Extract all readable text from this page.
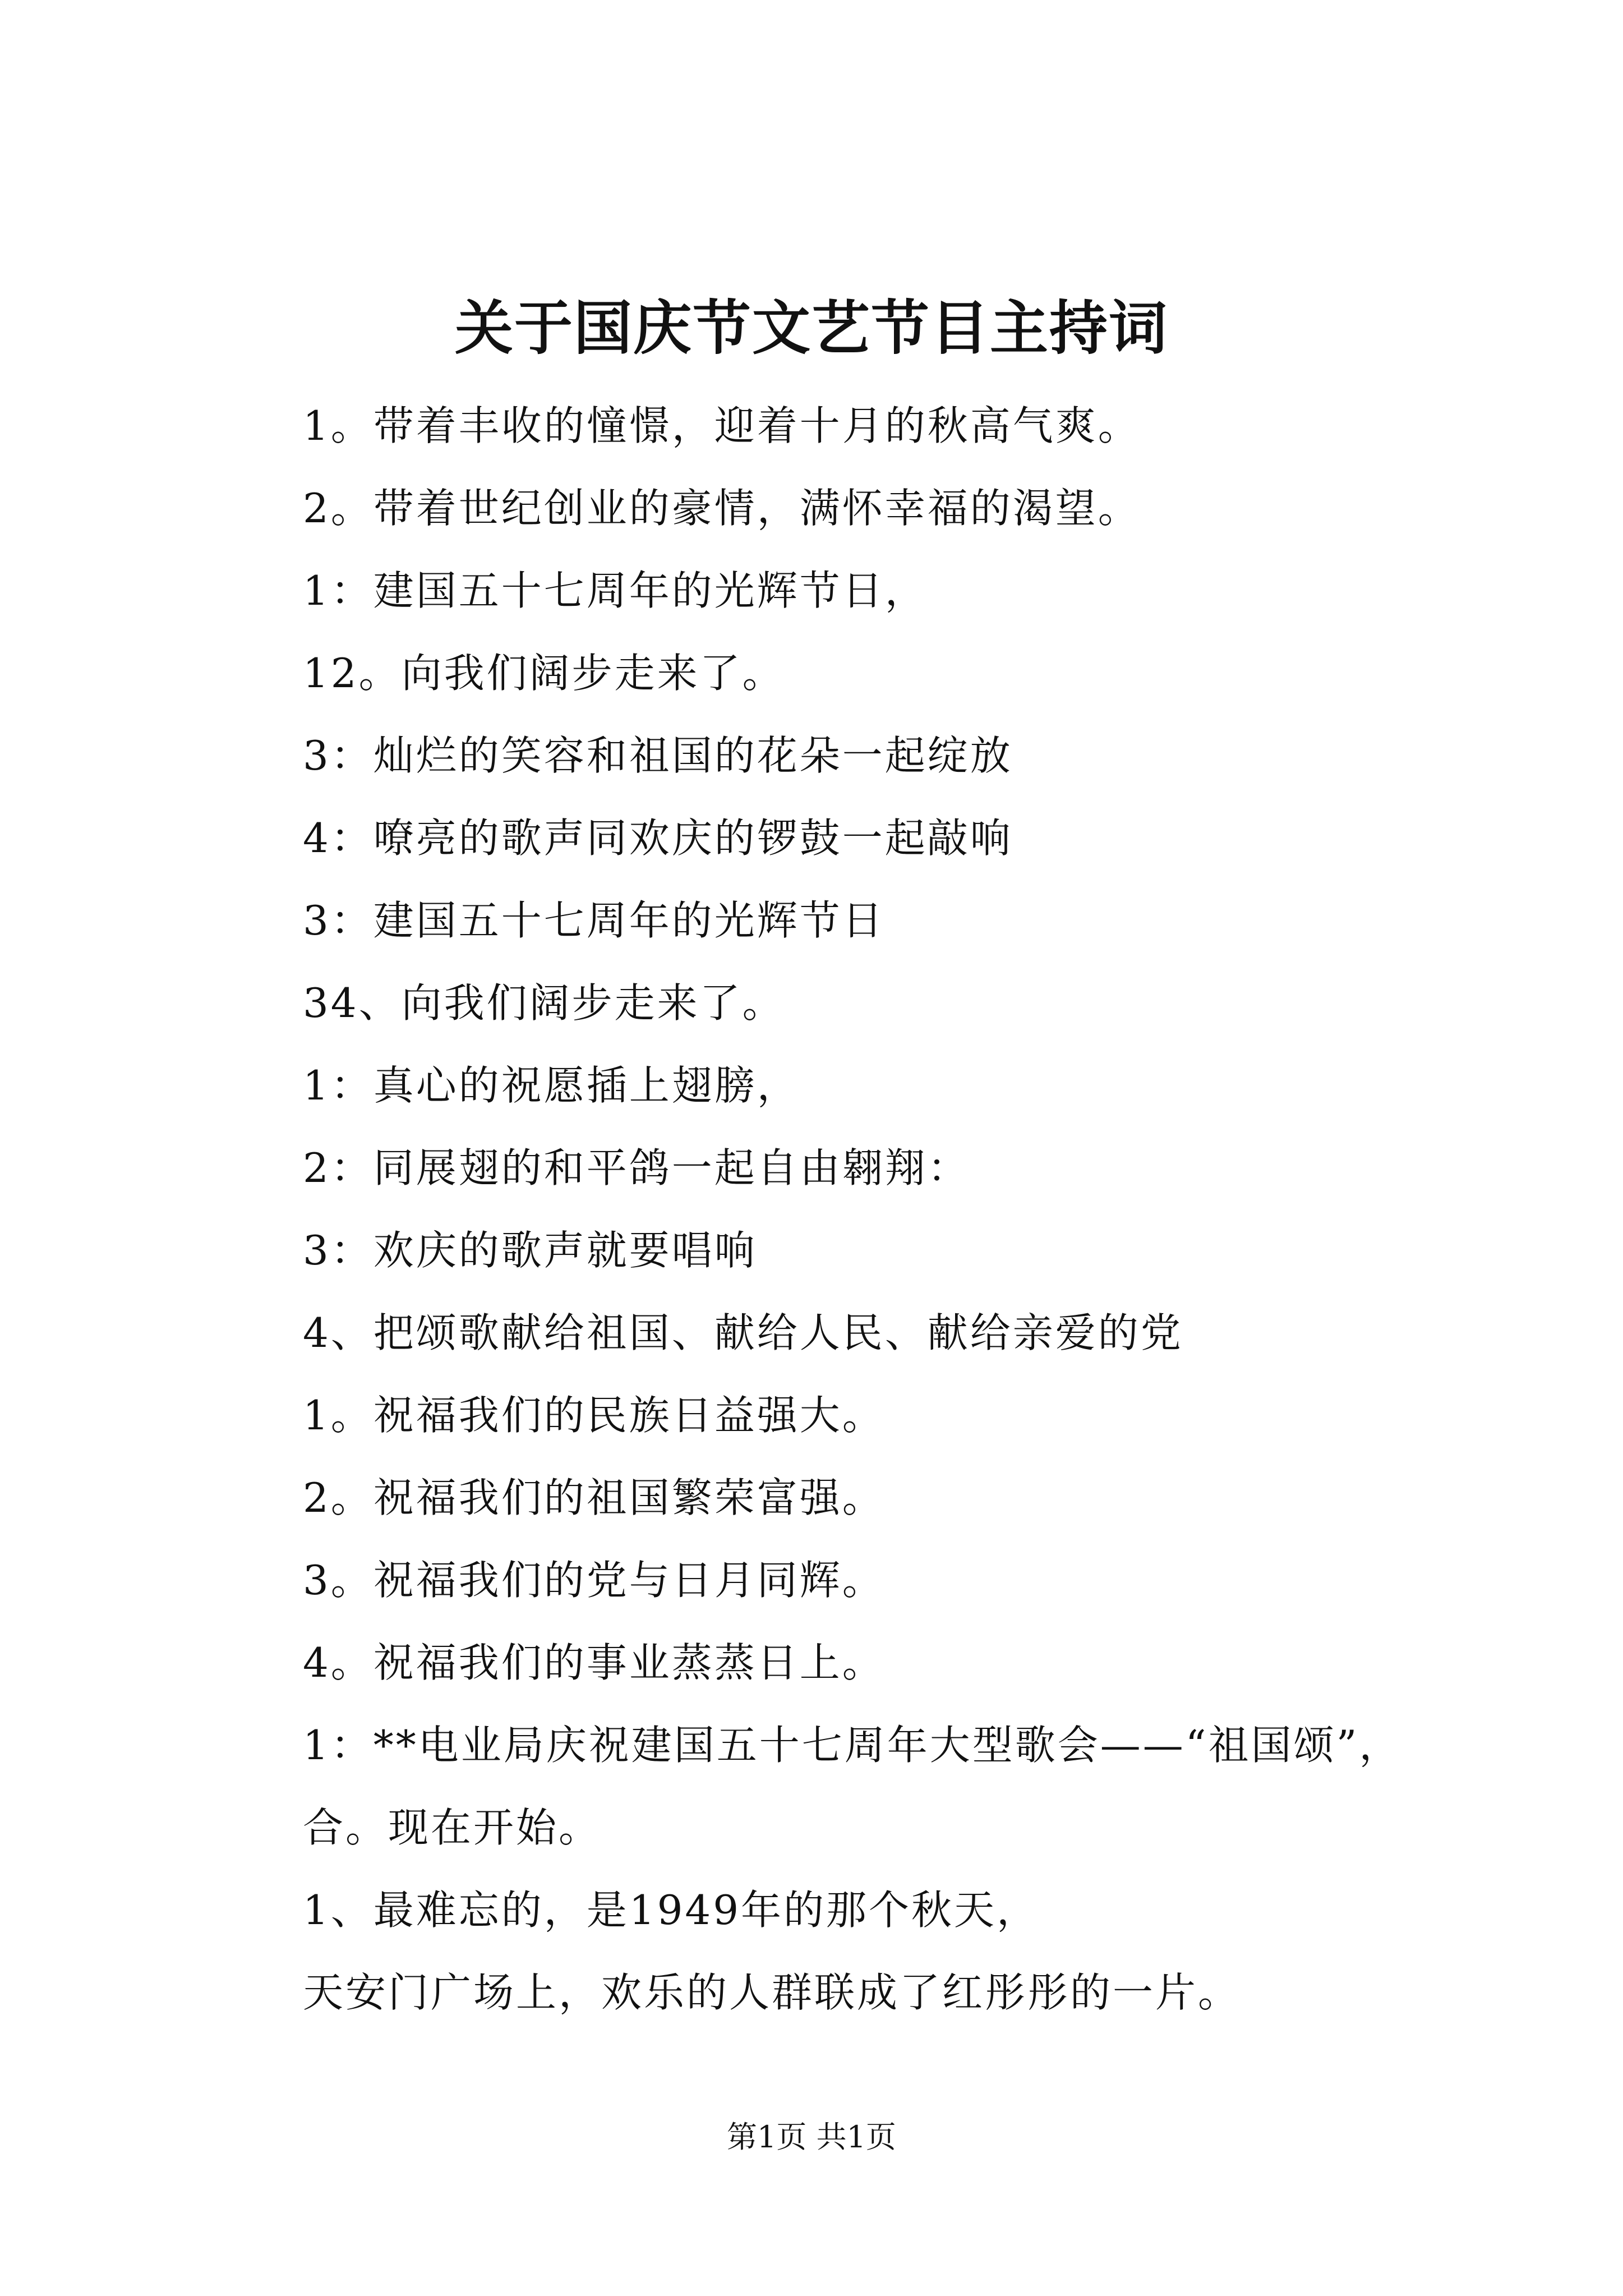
关于国庆节文艺节目主持词
1。带着丰收的憧憬，迎着十月的秋高气爽。
2。带着世纪创业的豪情，满怀幸福的渴望。
1：建国五十七周年的光辉节日，
12。向我们阔步走来了。
3：灿烂的笑容和祖国的花朵一起绽放
4：嘹亮的歌声同欢庆的锣鼓一起敲响
3：建国五十七周年的光辉节日
34、向我们阔步走来了。
1：真心的祝愿插上翅膀，
2：同展翅的和平鸽一起自由翱翔：
3：欢庆的歌声就要唱响
4、把颂歌献给祖国、献给人民、献给亲爱的党
1。祝福我们的民族日益强大。
2。祝福我们的祖国繁荣富强。
3。祝福我们的党与日月同辉。
4。祝福我们的事业蒸蒸日上。
1：**电业局庆祝建国五十七周年大型歌会——“祖国颂”，
合。现在开始。
1、最难忘的，是1949年的那个秋天，
天安门广场上，欢乐的人群联成了红彤彤的一片。
第1页 共1页
